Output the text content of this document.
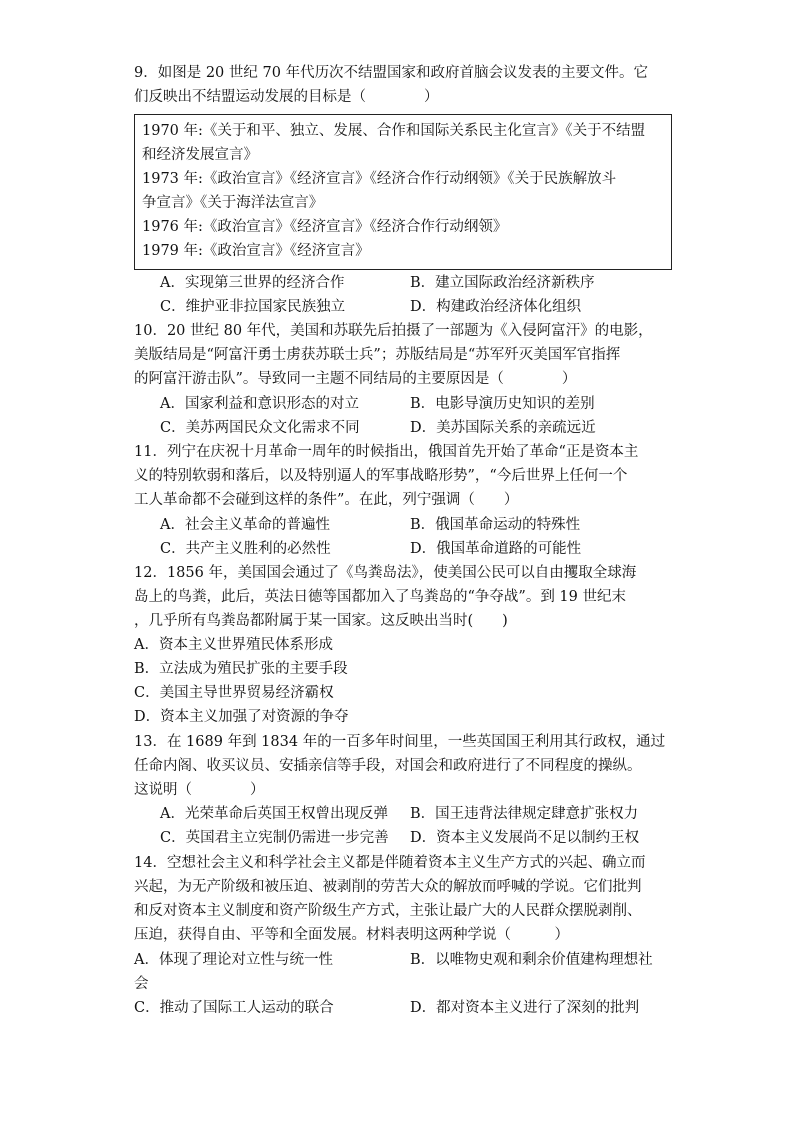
9．如图是 20 世纪 70 年代历次不结盟国家和政府首脑会议发表的主要文件。它
们反映出不结盟运动发展的目标是（　　　　）
1970 年:《关于和平、独立、发展、合作和国际关系民主化宣言》《关于不结盟
和经济发展宣言》
1973 年:《政治宣言》《经济宣言》《经济合作行动纲领》《关于民族解放斗
争宣言》《关于海洋法宣言》
1976 年:《政治宣言》《经济宣言》《经济合作行动纲领》
1979 年:《政治宣言》《经济宣言》
A．实现第三世界的经济合作	B．建立国际政治经济新秩序
C．维护亚非拉国家民族独立	D．构建政治经济体化组织
10．20 世纪 80 年代，美国和苏联先后拍摄了一部题为《入侵阿富汗》的电影，
美版结局是“阿富汗勇士虏获苏联士兵”；苏版结局是“苏军歼灭美国军官指挥
的阿富汗游击队”。导致同一主题不同结局的主要原因是（　　　　）
A．国家利益和意识形态的对立	B．电影导演历史知识的差别
C．美苏两国民众文化需求不同	D．美苏国际关系的亲疏远近
11．列宁在庆祝十月革命一周年的时候指出，俄国首先开始了革命“正是资本主
义的特别软弱和落后，以及特别逼人的军事战略形势”，“今后世界上任何一个
工人革命都不会碰到这样的条件”。在此，列宁强调（　　）
A．社会主义革命的普遍性	B．俄国革命运动的特殊性
C．共产主义胜利的必然性	D．俄国革命道路的可能性
12．1856 年，美国国会通过了《鸟粪岛法》，使美国公民可以自由攫取全球海
岛上的鸟粪，此后，英法日德等国都加入了鸟粪岛的“争夺战”。到 19 世纪末
，几乎所有鸟粪岛都附属于某一国家。这反映出当时(　　)
A．资本主义世界殖民体系形成
B．立法成为殖民扩张的主要手段
C．美国主导世界贸易经济霸权
D．资本主义加强了对资源的争夺
13．在 1689 年到 1834 年的一百多年时间里，一些英国国王利用其行政权，通过
任命内阁、收买议员、安插亲信等手段，对国会和政府进行了不同程度的操纵。
这说明（　　　　）
A．光荣革命后英国王权曾出现反弹 B．国王违背法律规定肆意扩张权力
C．英国君主立宪制仍需进一步完善 D．资本主义发展尚不足以制约王权
14．空想社会主义和科学社会主义都是伴随着资本主义生产方式的兴起、确立而
兴起，为无产阶级和被压迫、被剥削的劳苦大众的解放而呼喊的学说。它们批判
和反对资本主义制度和资产阶级生产方式，主张让最广大的人民群众摆脱剥削、
压迫，获得自由、平等和全面发展。材料表明这两种学说（　　　）
A．体现了理论对立性与统一性	B．以唯物史观和剩余价值建构理想社
会
C．推动了国际工人运动的联合	D．都对资本主义进行了深刻的批判
